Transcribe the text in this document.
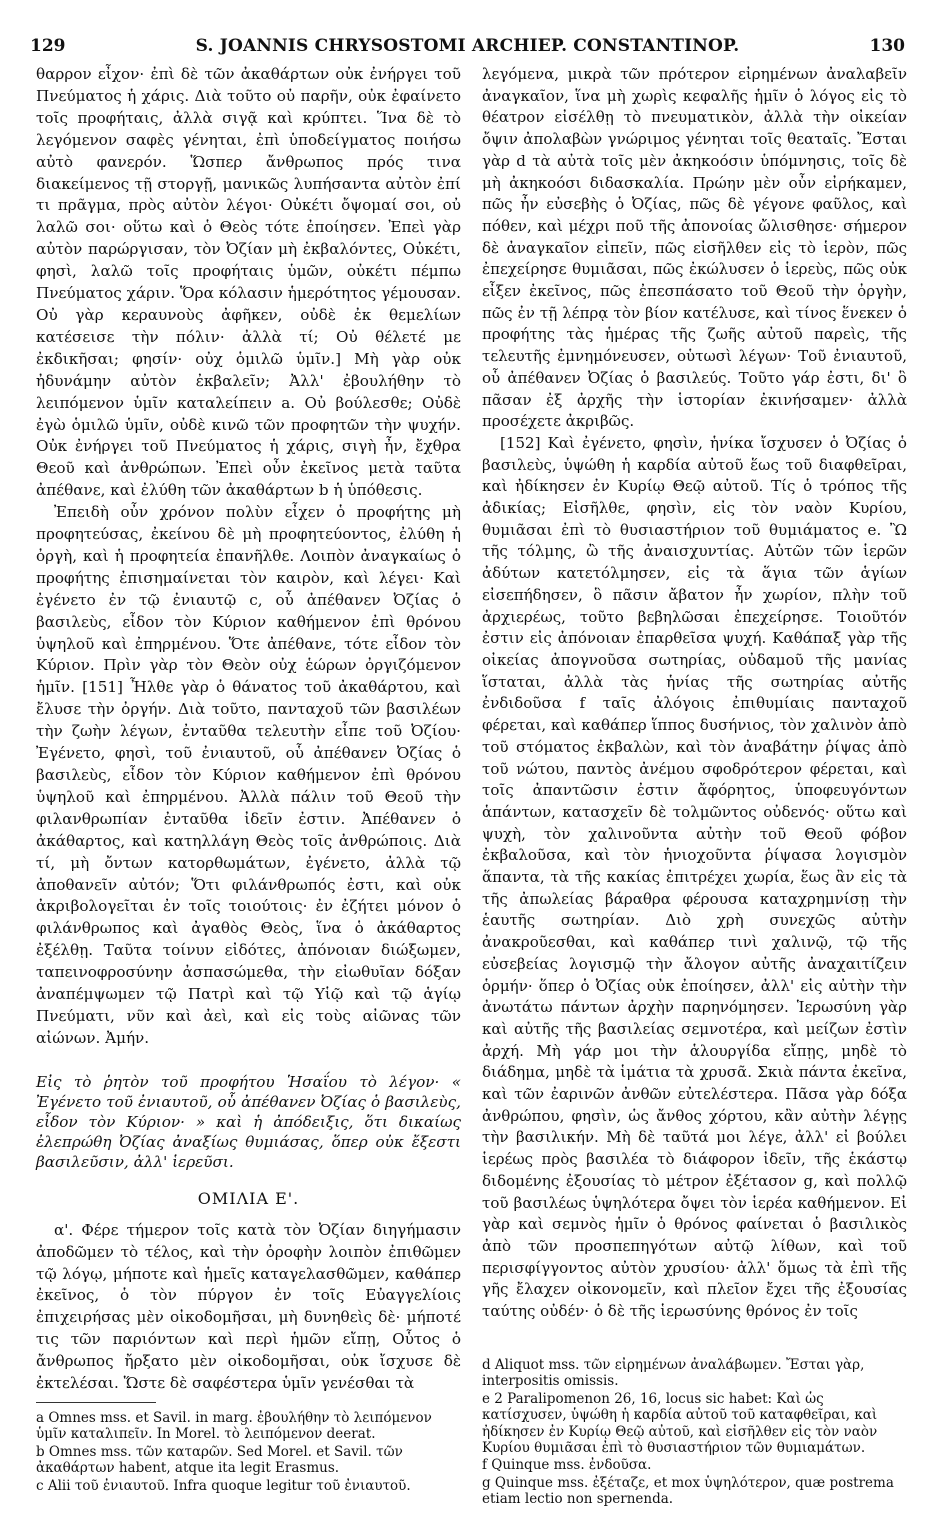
129	S. JOANNIS CHRYSOSTOMI ARCHIEP. CONSTANTINOP.	130

θαρρον εἶχον· ἐπὶ δὲ τῶν ἀκαθάρτων οὐκ ἐνήργει τοῦ Πνεύματος ἡ χάρις. Διὰ τοῦτο οὐ παρῆν, οὐκ ἐφαίνετο τοῖς προφήταις, ἀλλὰ σιγᾷ καὶ κρύπτει. Ἵνα δὲ τὸ λεγόμενον σαφὲς γένηται, ἐπὶ ὑποδείγματος ποιήσω αὐτὸ φανερόν. Ὥσπερ ἄνθρωπος πρός τινα διακείμενος τῇ στοργῇ, μανικῶς λυπήσαντα αὐτὸν ἐπί τι πρᾶγμα, πρὸς αὐτὸν λέγοι· Οὐκέτι ὄψομαί σοι, οὐ λαλῶ σοι· οὕτω καὶ ὁ Θεὸς τότε ἐποίησεν. Ἐπεὶ γὰρ αὐτὸν παρώργισαν, τὸν Ὀζίαν μὴ ἐκβαλόντες, Οὐκέτι, φησὶ, λαλῶ τοῖς προφήταις ὑμῶν, οὐκέτι πέμπω Πνεύματος χάριν. Ὅρα κόλασιν ἡμερότητος γέμουσαν. Οὐ γὰρ κεραυνοὺς ἀφῆκεν, οὐδὲ ἐκ θεμελίων κατέσεισε τὴν πόλιν· ἀλλὰ τί; Οὐ θέλετέ με ἐκδικῆσαι; φησίν· οὐχ ὁμιλῶ ὑμῖν.] Μὴ γὰρ οὐκ ἠδυνάμην αὐτὸν ἐκβαλεῖν; Ἀλλ' ἐβουλήθην τὸ λειπόμενον ὑμῖν καταλείπειν a. Οὐ βούλεσθε; Οὐδὲ ἐγὼ ὁμιλῶ ὑμῖν, οὐδὲ κινῶ τῶν προφητῶν τὴν ψυχήν. Οὐκ ἐνήργει τοῦ Πνεύματος ἡ χάρις, σιγὴ ἦν, ἔχθρα Θεοῦ καὶ ἀνθρώπων. Ἐπεὶ οὖν ἐκεῖνος μετὰ ταῦτα ἀπέθανε, καὶ ἐλύθη τῶν ἀκαθάρτων b ἡ ὑπόθεσις.

Ἐπειδὴ οὖν χρόνον πολὺν εἶχεν ὁ προφήτης μὴ προφητεύσας, ἐκείνου δὲ μὴ προφητεύοντος, ἐλύθη ἡ ὀργὴ, καὶ ἡ προφητεία ἐπανῆλθε. Λοιπὸν ἀναγκαίως ὁ προφήτης ἐπισημαίνεται τὸν καιρὸν, καὶ λέγει· Καὶ ἐγένετο ἐν τῷ ἐνιαυτῷ c, οὗ ἀπέθανεν Ὀζίας ὁ βασιλεὺς, εἶδον τὸν Κύριον καθήμενον ἐπὶ θρόνου ὑψηλοῦ καὶ ἐπηρμένου. Ὅτε ἀπέθανε, τότε εἶδον τὸν Κύριον. Πρὶν γὰρ τὸν Θεὸν οὐχ ἑώρων ὀργιζόμενον ἡμῖν. [151] Ἦλθε γὰρ ὁ θάνατος τοῦ ἀκαθάρτου, καὶ ἔλυσε τὴν ὀργήν. Διὰ τοῦτο, πανταχοῦ τῶν βασιλέων τὴν ζωὴν λέγων, ἐνταῦθα τελευτὴν εἶπε τοῦ Ὀζίου· Ἐγένετο, φησὶ, τοῦ ἐνιαυτοῦ, οὗ ἀπέθανεν Ὀζίας ὁ βασιλεὺς, εἶδον τὸν Κύριον καθήμενον ἐπὶ θρόνου ὑψηλοῦ καὶ ἐπηρμένου. Ἀλλὰ πάλιν τοῦ Θεοῦ τὴν φιλανθρωπίαν ἐνταῦθα ἰδεῖν ἐστιν. Ἀπέθανεν ὁ ἀκάθαρτος, καὶ κατηλλάγη Θεὸς τοῖς ἀνθρώποις. Διὰ τί, μὴ ὄντων κατορθωμάτων, ἐγένετο, ἀλλὰ τῷ ἀποθανεῖν αὐτόν; Ὅτι φιλάνθρωπός ἐστι, καὶ οὐκ ἀκριβολογεῖται ἐν τοῖς τοιούτοις· ἐν ἐζήτει μόνον ὁ φιλάνθρωπος καὶ ἀγαθὸς Θεὸς, ἵνα ὁ ἀκάθαρτος ἐξέλθῃ. Ταῦτα τοίνυν εἰδότες, ἀπόνοιαν διώξωμεν, ταπεινοφροσύνην ἀσπασώμεθα, τὴν εἰωθυῖαν δόξαν ἀναπέμψωμεν τῷ Πατρὶ καὶ τῷ Υἱῷ καὶ τῷ ἁγίῳ Πνεύματι, νῦν καὶ ἀεὶ, καὶ εἰς τοὺς αἰῶνας τῶν αἰώνων. Ἀμήν.

Εἰς τὸ ῥητὸν τοῦ προφήτου Ἡσαΐου τὸ λέγον· « Ἐγένετο τοῦ ἐνιαυτοῦ, οὗ ἀπέθανεν Ὀζίας ὁ βασιλεὺς, εἶδον τὸν Κύριον· » καὶ ἡ ἀπόδειξις, ὅτι δικαίως ἐλεπρώθη Ὀζίας ἀναξίως θυμιάσας, ὅπερ οὐκ ἔξεστι βασιλεῦσιν, ἀλλ' ἱερεῦσι.

ΟΜΙΛΙΑ Ε'.

α'. Φέρε τήμερον τοῖς κατὰ τὸν Ὀζίαν διηγήμασιν ἀποδῶμεν τὸ τέλος, καὶ τὴν ὀροφὴν λοιπὸν ἐπιθῶμεν τῷ λόγῳ, μήποτε καὶ ἡμεῖς καταγελασθῶμεν, καθάπερ ἐκεῖνος, ὁ τὸν πύργον ἐν τοῖς Εὐαγγελίοις ἐπιχειρήσας μὲν οἰκοδομῆσαι, μὴ δυνηθεὶς δὲ· μήποτέ τις τῶν παριόντων καὶ περὶ ἡμῶν εἴπῃ, Οὗτος ὁ ἄνθρωπος ἤρξατο μὲν οἰκοδομῆσαι, οὐκ ἴσχυσε δὲ ἐκτελέσαι. Ὥστε δὲ σαφέστερα ὑμῖν γενέσθαι τὰ

λεγόμενα, μικρὰ τῶν πρότερον εἰρημένων ἀναλαβεῖν ἀναγκαῖον, ἵνα μὴ χωρὶς κεφαλῆς ἡμῖν ὁ λόγος εἰς τὸ θέατρον εἰσέλθῃ τὸ πνευματικὸν, ἀλλὰ τὴν οἰκείαν ὄψιν ἀπολαβὼν γνώριμος γένηται τοῖς θεαταῖς. Ἔσται γὰρ d τὰ αὐτὰ τοῖς μὲν ἀκηκοόσιν ὑπόμνησις, τοῖς δὲ μὴ ἀκηκοόσι διδασκαλία. Πρώην μὲν οὖν εἰρήκαμεν, πῶς ἦν εὐσεβὴς ὁ Ὀζίας, πῶς δὲ γέγονε φαῦλος, καὶ πόθεν, καὶ μέχρι ποῦ τῆς ἀπονοίας ὤλισθησε· σήμερον δὲ ἀναγκαῖον εἰπεῖν, πῶς εἰσῆλθεν εἰς τὸ ἱερὸν, πῶς ἐπεχείρησε θυμιᾶσαι, πῶς ἐκώλυσεν ὁ ἱερεὺς, πῶς οὐκ εἶξεν ἐκεῖνος, πῶς ἐπεσπάσατο τοῦ Θεοῦ τὴν ὀργὴν, πῶς ἐν τῇ λέπρᾳ τὸν βίον κατέλυσε, καὶ τίνος ἕνεκεν ὁ προφήτης τὰς ἡμέρας τῆς ζωῆς αὐτοῦ παρεὶς, τῆς τελευτῆς ἐμνημόνευσεν, οὑτωσὶ λέγων· Τοῦ ἐνιαυτοῦ, οὗ ἀπέθανεν Ὀζίας ὁ βασιλεύς. Τοῦτο γάρ ἐστι, δι' ὃ πᾶσαν ἐξ ἀρχῆς τὴν ἱστορίαν ἐκινήσαμεν· ἀλλὰ προσέχετε ἀκριβῶς.

[152] Καὶ ἐγένετο, φησὶν, ἡνίκα ἴσχυσεν ὁ Ὀζίας ὁ βασιλεὺς, ὑψώθη ἡ καρδία αὐτοῦ ἕως τοῦ διαφθεῖραι, καὶ ἠδίκησεν ἐν Κυρίῳ Θεῷ αὐτοῦ. Τίς ὁ τρόπος τῆς ἀδικίας; Εἰσῆλθε, φησὶν, εἰς τὸν ναὸν Κυρίου, θυμιᾶσαι ἐπὶ τὸ θυσιαστήριον τοῦ θυμιάματος e. Ὢ τῆς τόλμης, ὢ τῆς ἀναισχυντίας. Αὐτῶν τῶν ἱερῶν ἀδύτων κατετόλμησεν, εἰς τὰ ἅγια τῶν ἁγίων εἰσεπήδησεν, ὃ πᾶσιν ἄβατον ἦν χωρίον, πλὴν τοῦ ἀρχιερέως, τοῦτο βεβηλῶσαι ἐπεχείρησε. Τοιοῦτόν ἐστιν εἰς ἀπόνοιαν ἐπαρθεῖσα ψυχή. Καθάπαξ γὰρ τῆς οἰκείας ἀπογνοῦσα σωτηρίας, οὐδαμοῦ τῆς μανίας ἵσταται, ἀλλὰ τὰς ἡνίας τῆς σωτηρίας αὐτῆς ἐνδιδοῦσα f ταῖς ἀλόγοις ἐπιθυμίαις πανταχοῦ φέρεται, καὶ καθάπερ ἵππος δυσήνιος, τὸν χαλινὸν ἀπὸ τοῦ στόματος ἐκβαλὼν, καὶ τὸν ἀναβάτην ῥίψας ἀπὸ τοῦ νώτου, παντὸς ἀνέμου σφοδρότερον φέρεται, καὶ τοῖς ἀπαντῶσιν ἐστιν ἄφόρητος, ὑποφευγόντων ἁπάντων, κατασχεῖν δὲ τολμῶντος οὐδενός· οὕτω καὶ ψυχὴ, τὸν χαλινοῦντα αὐτὴν τοῦ Θεοῦ φόβον ἐκβαλοῦσα, καὶ τὸν ἡνιοχοῦντα ῥίψασα λογισμὸν ἅπαντα, τὰ τῆς κακίας ἐπιτρέχει χωρία, ἕως ἂν εἰς τὰ τῆς ἀπωλείας βάραθρα φέρουσα καταχρημνίσῃ τὴν ἑαυτῆς σωτηρίαν. Διὸ χρὴ συνεχῶς αὐτὴν ἀνακροῦεσθαι, καὶ καθάπερ τινὶ χαλινῷ, τῷ τῆς εὐσεβείας λογισμῷ τὴν ἄλογον αὐτῆς ἀναχαιτίζειν ὁρμήν· ὅπερ ὁ Ὀζίας οὐκ ἐποίησεν, ἀλλ' εἰς αὐτὴν τὴν ἀνωτάτω πάντων ἀρχὴν παρηνόμησεν. Ἱερωσύνη γὰρ καὶ αὐτῆς τῆς βασιλείας σεμνοτέρα, καὶ μείζων ἐστὶν ἀρχή. Μὴ γάρ μοι τὴν ἁλουργίδα εἴπῃς, μηδὲ τὸ διάδημα, μηδὲ τὰ ἱμάτια τὰ χρυσᾶ. Σκιὰ πάντα ἐκεῖνα, καὶ τῶν ἐαρινῶν ἀνθῶν εὐτελέστερα. Πᾶσα γὰρ δόξα ἀνθρώπου, φησὶν, ὡς ἄνθος χόρτου, κἂν αὐτὴν λέγῃς τὴν βασιλικήν. Μὴ δὲ ταῦτά μοι λέγε, ἀλλ' εἰ βούλει ἱερέως πρὸς βασιλέα τὸ διάφορον ἰδεῖν, τῆς ἑκάστῳ διδομένης ἐξουσίας τὸ μέτρον ἐξέτασον g, καὶ πολλῷ τοῦ βασιλέως ὑψηλότερα ὄψει τὸν ἱερέα καθήμενον. Εἰ γὰρ καὶ σεμνὸς ἡμῖν ὁ θρόνος φαίνεται ὁ βασιλικὸς ἀπὸ τῶν προσπεπηγότων αὐτῷ λίθων, καὶ τοῦ περισφίγγοντος αὐτὸν χρυσίου· ἀλλ' ὅμως τὰ ἐπὶ τῆς γῆς ἔλαχεν οἰκονομεῖν, καὶ πλεῖον ἔχει τῆς ἐξουσίας ταύτης οὐδέν· ὁ δὲ τῆς ἱερωσύνης θρόνος ἐν τοῖς

a Omnes mss. et Savil. in marg. ἐβουλήθην τὸ λειπόμενον ὑμῖν καταλιπεῖν. In Morel. τὸ λειπόμενον deerat.

b Omnes mss. τῶν καταρῶν. Sed Morel. et Savil. τῶν ἀκαθάρτων habent, atque ita legit Erasmus.

c Alii τοῦ ἐνιαυτοῦ. Infra quoque legitur τοῦ ἐνιαυτοῦ.

d Aliquot mss. τῶν εἰρημένων ἀναλάβωμεν. Ἔσται γὰρ, interpositis omissis.

e 2 Paralipomenon 26, 16, locus sic habet: Καὶ ὡς κατίσχυσεν, ὑψώθη ἡ καρδία αὐτοῦ τοῦ καταφθεῖραι, καὶ ἠδίκησεν ἐν Κυρίῳ Θεῷ αὐτοῦ, καὶ εἰσῆλθεν εἰς τὸν ναὸν Κυρίου θυμιᾶσαι ἐπὶ τὸ θυσιαστήριον τῶν θυμιαμάτων.

f Quinque mss. ἐνδοῦσα.

g Quinque mss. ἐξέταζε, et mox ὑψηλότερον, quæ postrema etiam lectio non spernenda.
